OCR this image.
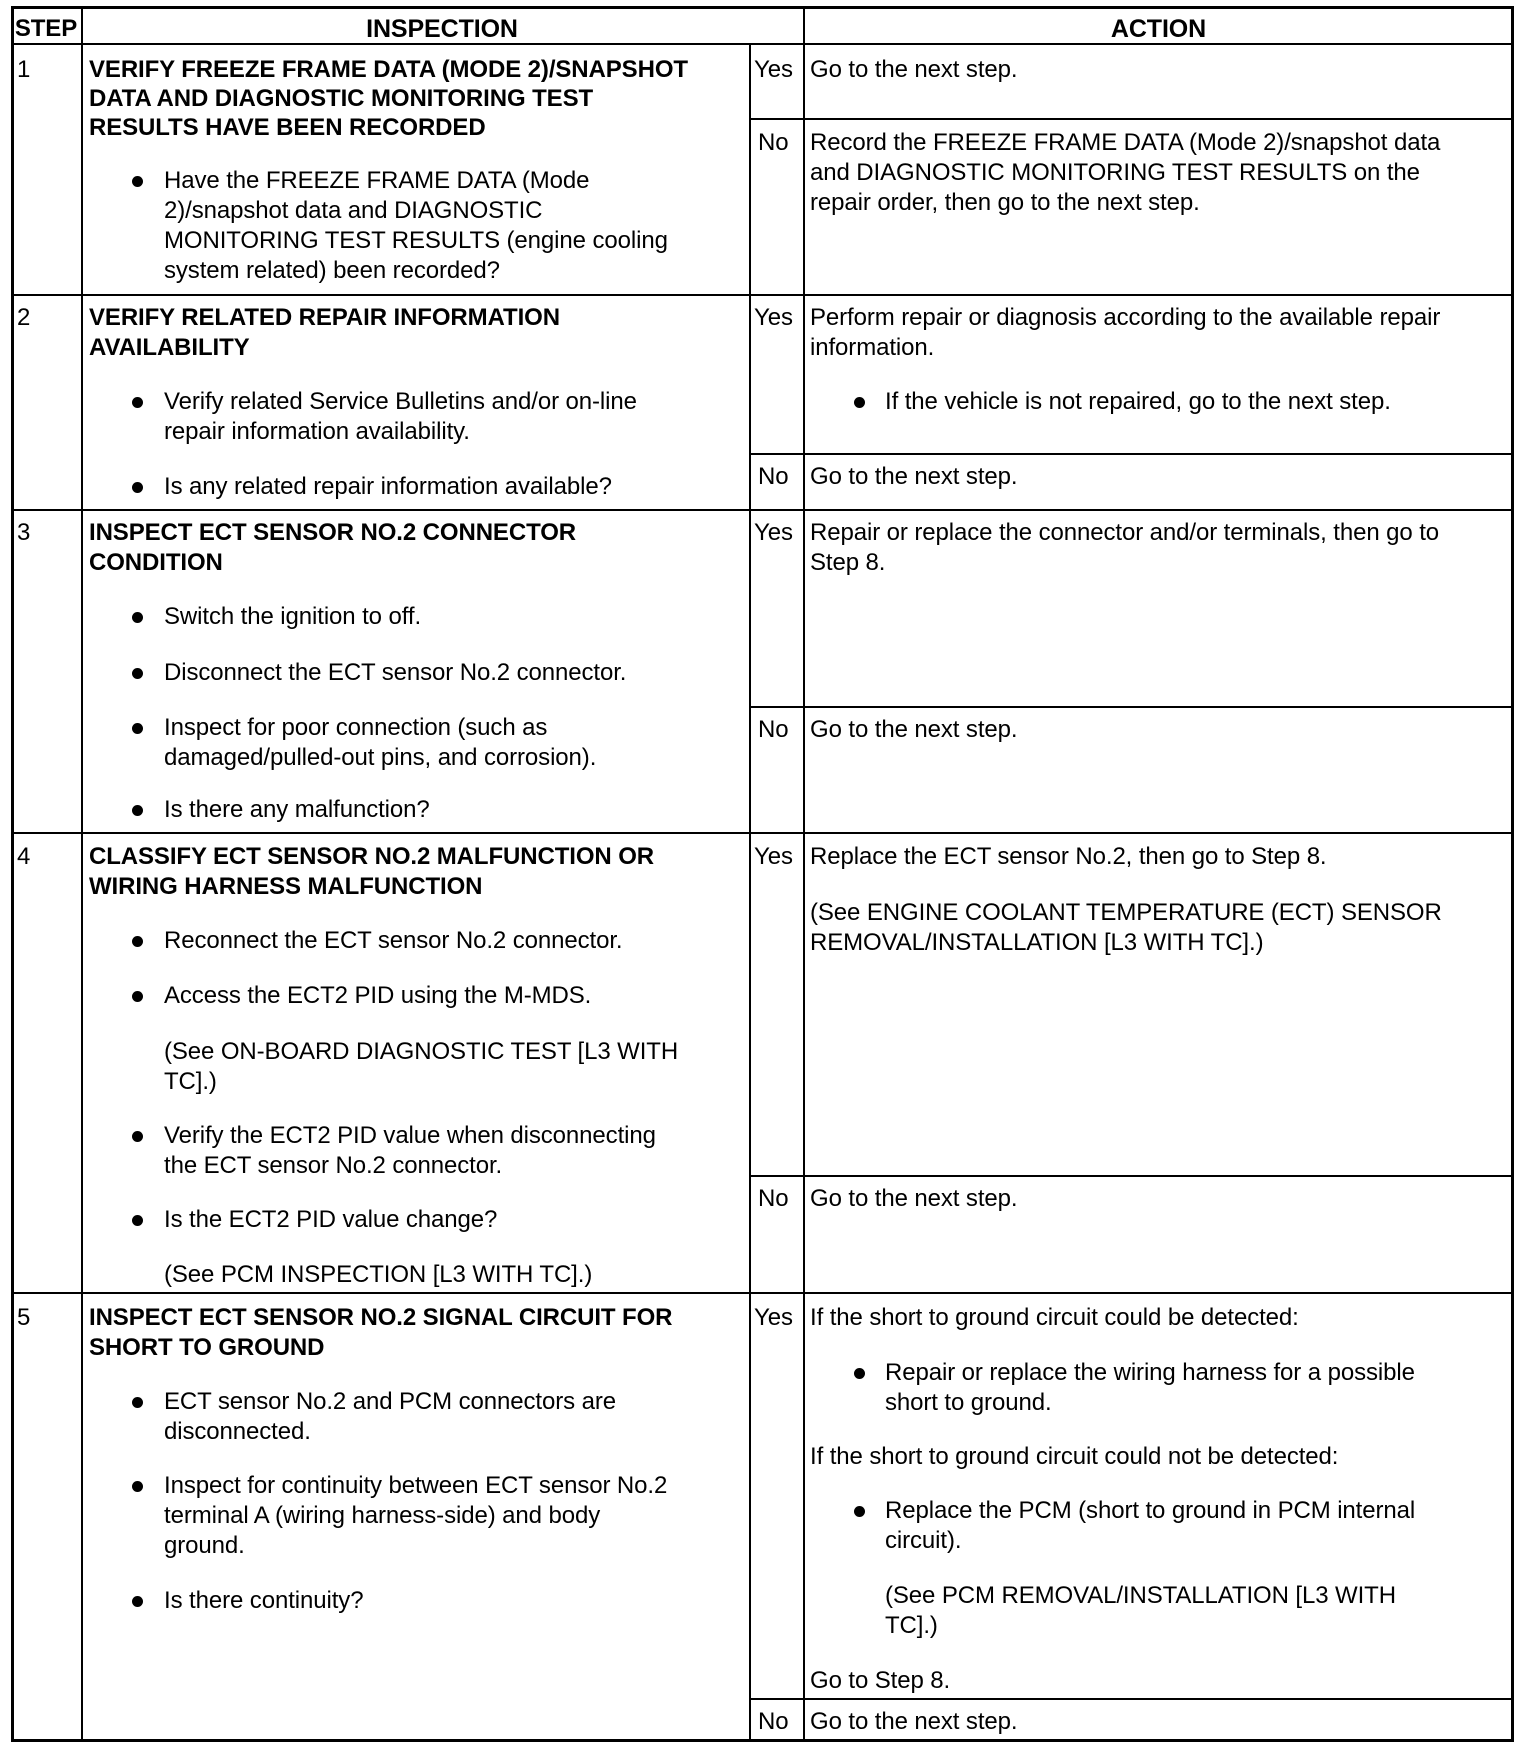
STEP	INSPECTION	ACTION
1 VERIFY FREEZE FRAME DATA (MODE 2)/SNAPSHOT
DATA AND DIAGNOSTIC MONITORING TEST
RESULTS HAVE BEEN RECORDED
Have the FREEZE FRAME DATA (Mode
2)/snapshot data and DIAGNOSTIC
MONITORING TEST RESULTS (engine cooling
system related) been recorded?
Yes Go to the next step.
No Record the FREEZE FRAME DATA (Mode 2)/snapshot data
and DIAGNOSTIC MONITORING TEST RESULTS on the
repair order, then go to the next step.
2 VERIFY RELATED REPAIR INFORMATION
AVAILABILITY
Verify related Service Bulletins and/or on-line
repair information availability.
Is any related repair information available?
Yes Perform repair or diagnosis according to the available repair
information.
If the vehicle is not repaired, go to the next step.
No Go to the next step.
3 INSPECT ECT SENSOR NO.2 CONNECTOR
CONDITION
Switch the ignition to off.
Disconnect the ECT sensor No.2 connector.
Inspect for poor connection (such as
damaged/pulled-out pins, and corrosion).
Is there any malfunction?
Yes Repair or replace the connector and/or terminals, then go to
Step 8.
No Go to the next step.
4 CLASSIFY ECT SENSOR NO.2 MALFUNCTION OR
WIRING HARNESS MALFUNCTION
Reconnect the ECT sensor No.2 connector.
Access the ECT2 PID using the M-MDS.
(See ON-BOARD DIAGNOSTIC TEST [L3 WITH
TC].)
Verify the ECT2 PID value when disconnecting
the ECT sensor No.2 connector.
Is the ECT2 PID value change?
(See PCM INSPECTION [L3 WITH TC].)
Yes Replace the ECT sensor No.2, then go to Step 8.
(See ENGINE COOLANT TEMPERATURE (ECT) SENSOR
REMOVAL/INSTALLATION [L3 WITH TC].)
No Go to the next step.
5 INSPECT ECT SENSOR NO.2 SIGNAL CIRCUIT FOR
SHORT TO GROUND
ECT sensor No.2 and PCM connectors are
disconnected.
Inspect for continuity between ECT sensor No.2
terminal A (wiring harness-side) and body
ground.
Is there continuity?
Yes If the short to ground circuit could be detected:
Repair or replace the wiring harness for a possible
short to ground.
If the short to ground circuit could not be detected:
Replace the PCM (short to ground in PCM internal
circuit).
(See PCM REMOVAL/INSTALLATION [L3 WITH
TC].)
Go to Step 8.
No Go to the next step.
